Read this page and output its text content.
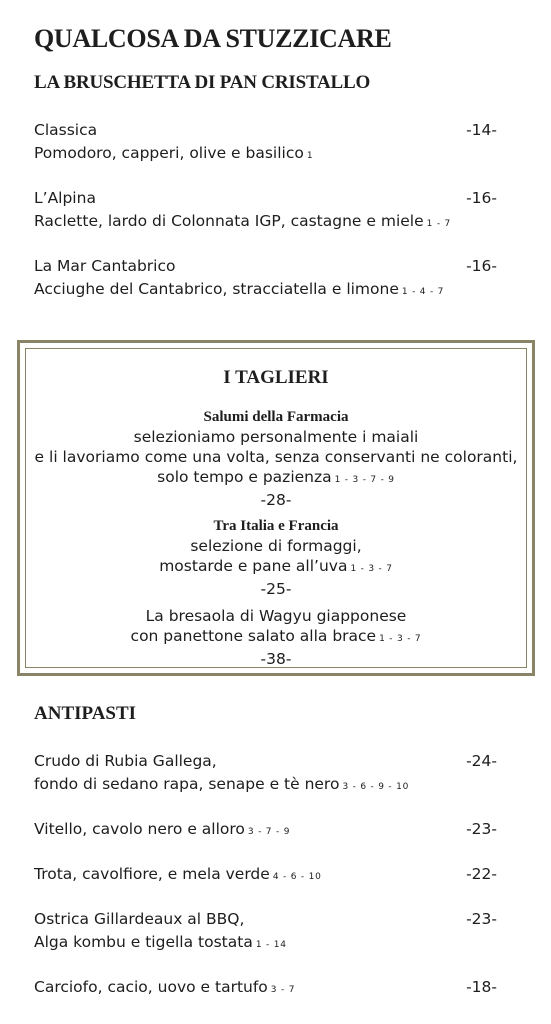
QUALCOSA DA STUZZICARE
LA BRUSCHETTA DI PAN CRISTALLO
Classica
Pomodoro, capperi, olive e basilico 1
-14-
L’Alpina
Raclette, lardo di Colonnata IGP, castagne e miele 1 - 7
-16-
La Mar Cantabrico
Acciughe del Cantabrico, stracciatella e limone 1 - 4 - 7
-16-
I TAGLIERI
Salumi della Farmacia
selezioniamo personalmente i maiali
e li lavoriamo come una volta, senza conservanti ne coloranti,
solo tempo e pazienza 1 - 3 - 7 - 9
-28-
Tra Italia e Francia
selezione di formaggi,
mostarde e pane all’uva 1 - 3 - 7
-25-
La bresaola di Wagyu giapponese
con panettone salato alla brace 1 - 3 - 7
-38-
ANTIPASTI
Crudo di Rubia Gallega,
fondo di sedano rapa, senape e tè nero 3 - 6 - 9 - 10
-24-
Vitello, cavolo nero e alloro 3 - 7 - 9	-23-
Trota, cavolfiore, e mela verde 4 - 6 - 10	-22-
Ostrica Gillardeaux al BBQ,
Alga kombu e tigella tostata 1 - 14
-23-
Carciofo, cacio, uovo e tartufo 3 - 7	-18-
